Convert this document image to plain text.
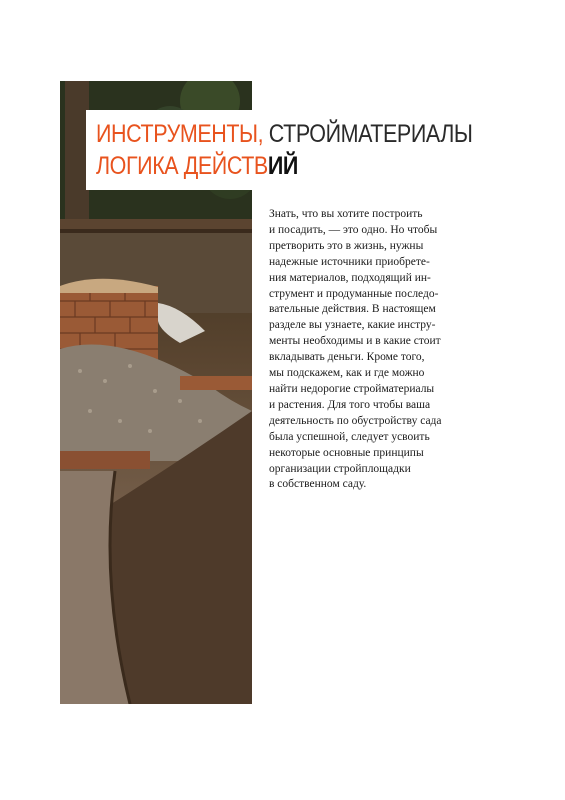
ИНСТРУМЕНТЫ, СТРОЙМАТЕРИАЛЫ
ЛОГИКА ДЕЙСТВИЙ
Знать, что вы хотите построить
и посадить, — это одно. Но чтобы
претворить это в жизнь, нужны
надежные источники приобрете-
ния материалов, подходящий ин-
струмент и продуманные последо-
вательные действия. В настоящем
разделе вы узнаете, какие инстру-
менты необходимы и в какие стоит
вкладывать деньги. Кроме того,
мы подскажем, как и где можно
найти недорогие стройматериалы
и растения. Для того чтобы ваша
деятельность по обустройству сада
была успешной, следует усвоить
некоторые основные принципы
организации стройплощадки
в собственном саду.
